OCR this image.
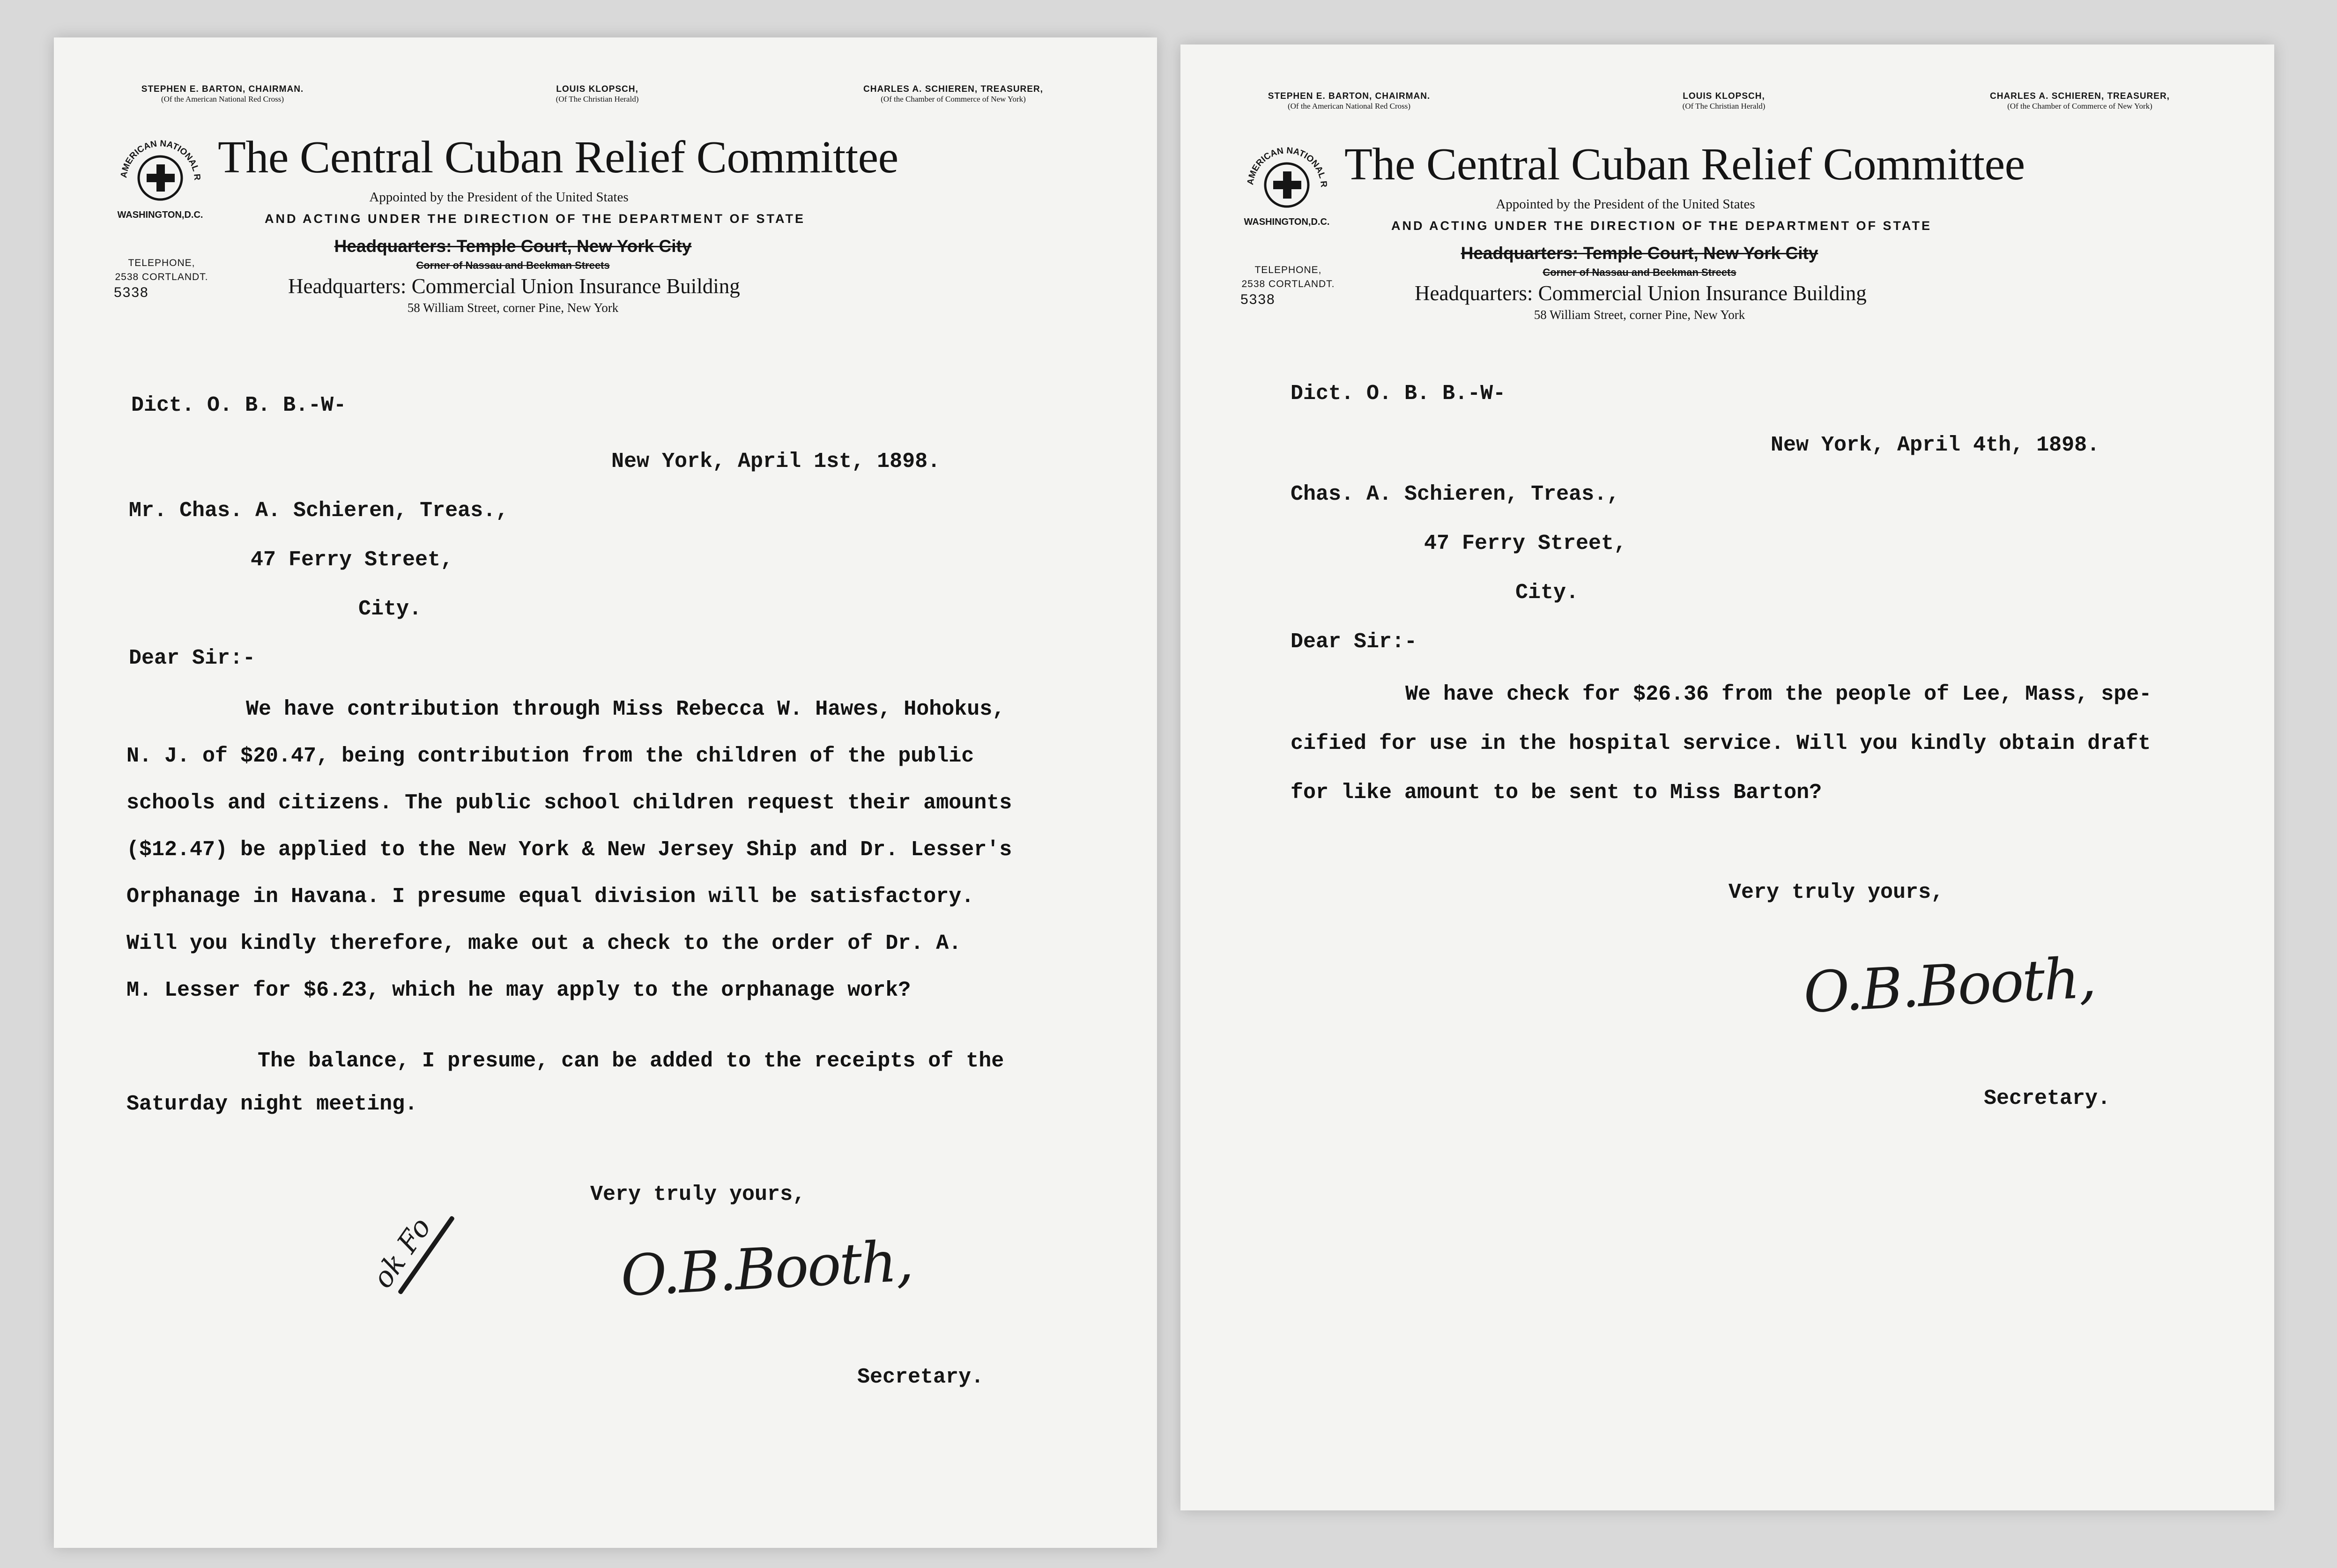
STEPHEN E. BARTON, CHAIRMAN.
(Of the American National Red Cross)
LOUIS KLOPSCH,
(Of The Christian Herald)
CHARLES A. SCHIEREN, TREASURER,
(Of the Chamber of Commerce of New York)
AMERICAN NATIONAL R
WASHINGTON,D.C.
The Central Cuban Relief Committee
Appointed by the President of the United States
AND ACTING UNDER THE DIRECTION OF THE DEPARTMENT OF STATE
Headquarters: Temple Court, New York City
Corner of Nassau and Beekman Streets
Headquarters: Commercial Union Insurance Building
58 William Street, corner Pine, New York
TELEPHONE,
2538 CORTLANDT.
5338
Dict. O. B. B.-W-
New York, April 1st, 1898.
Mr. Chas. A. Schieren, Treas.,
47 Ferry Street,
City.
Dear Sir:-
We have contribution through Miss Rebecca W. Hawes, Hohokus,
N. J. of $20.47, being contribution from the children of the public
schools and citizens. The public school children request their amounts
($12.47) be applied to the New York & New Jersey Ship and Dr. Lesser's
Orphanage in Havana. I presume equal division will be satisfactory.
Will you kindly therefore, make out a check to the order of Dr. A.
M. Lesser for $6.23, which he may apply to the orphanage work?
The balance, I presume, can be added to the receipts of the
Saturday night meeting.
Very truly yours,
ok Fo	O.B.Booth,
Secretary.
STEPHEN E. BARTON, CHAIRMAN.
(Of the American National Red Cross)
LOUIS KLOPSCH,
(Of The Christian Herald)
CHARLES A. SCHIEREN, TREASURER,
(Of the Chamber of Commerce of New York)
AMERICAN NATIONAL R
WASHINGTON,D.C.
The Central Cuban Relief Committee
Appointed by the President of the United States
AND ACTING UNDER THE DIRECTION OF THE DEPARTMENT OF STATE
Headquarters: Temple Court, New York City
Corner of Nassau and Beekman Streets
Headquarters: Commercial Union Insurance Building
58 William Street, corner Pine, New York
TELEPHONE,
2538 CORTLANDT.
5338
Dict. O. B. B.-W-
New York, April 4th, 1898.
Chas. A. Schieren, Treas.,
47 Ferry Street,
City.
Dear Sir:-
We have check for $26.36 from the people of Lee, Mass, spe-
cified for use in the hospital service. Will you kindly obtain draft
for like amount to be sent to Miss Barton?
Very truly yours,
O.B.Booth,
Secretary.
